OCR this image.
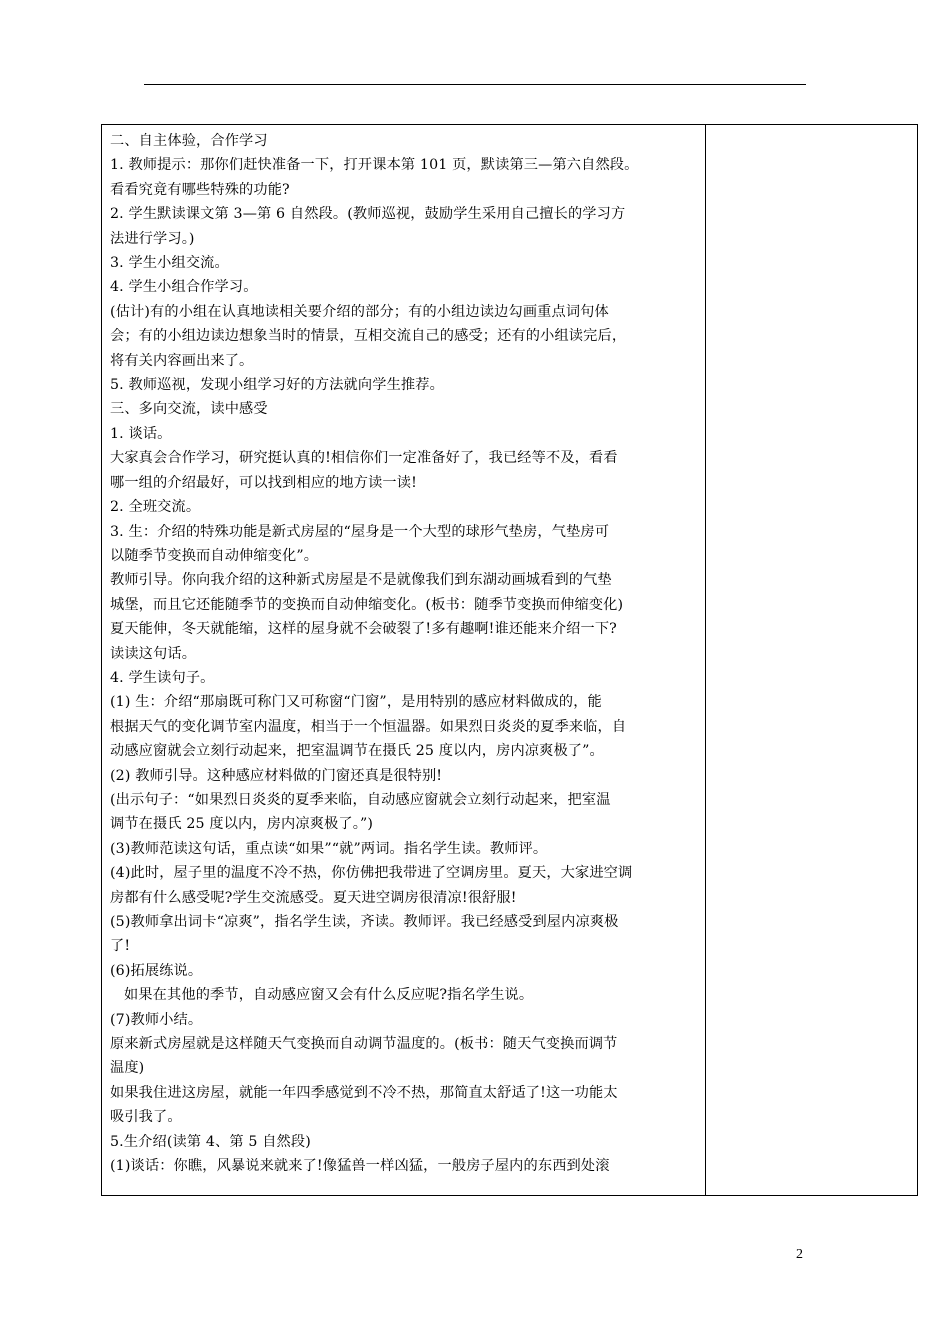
二、自主体验，合作学习

1. 教师提示：那你们赶快准备一下，打开课本第 101 页，默读第三—第六自然段。

看看究竟有哪些特殊的功能?

2. 学生默读课文第 3—第 6 自然段。(教师巡视，鼓励学生采用自己擅长的学习方

法进行学习。)

3. 学生小组交流。

4. 学生小组合作学习。

(估计)有的小组在认真地读相关要介绍的部分；有的小组边读边勾画重点词句体

会；有的小组边读边想象当时的情景，互相交流自己的感受；还有的小组读完后，

将有关内容画出来了。

5. 教师巡视，发现小组学习好的方法就向学生推荐。

三、多向交流，读中感受

1. 谈话。

大家真会合作学习，研究挺认真的!相信你们一定准备好了，我已经等不及，看看

哪一组的介绍最好，可以找到相应的地方读一读!

2. 全班交流。

3. 生：介绍的特殊功能是新式房屋的“屋身是一个大型的球形气垫房，气垫房可

以随季节变换而自动伸缩变化”。

教师引导。你向我介绍的这种新式房屋是不是就像我们到东湖动画城看到的气垫

城堡，而且它还能随季节的变换而自动伸缩变化。(板书：随季节变换而伸缩变化)

夏天能伸，冬天就能缩，这样的屋身就不会破裂了!多有趣啊!谁还能来介绍一下?

读读这句话。

4. 学生读句子。

(1) 生：介绍“那扇既可称门又可称窗“门窗”，是用特别的感应材料做成的，能

根据天气的变化调节室内温度，相当于一个恒温器。如果烈日炎炎的夏季来临，自

动感应窗就会立刻行动起来，把室温调节在摄氏 25 度以内，房内凉爽极了”。

(2) 教师引导。这种感应材料做的门窗还真是很特别!

(出示句子：“如果烈日炎炎的夏季来临，自动感应窗就会立刻行动起来，把室温

调节在摄氏 25 度以内，房内凉爽极了。”)

(3)教师范读这句话，重点读“如果”“就”两词。指名学生读。教师评。

(4)此时，屋子里的温度不冷不热，你仿佛把我带进了空调房里。夏天，大家进空调

房都有什么感受呢?学生交流感受。夏天进空调房很清凉!很舒服!

(5)教师拿出词卡“凉爽”，指名学生读，齐读。教师评。我已经感受到屋内凉爽极

了!

(6)拓展练说。

如果在其他的季节，自动感应窗又会有什么反应呢?指名学生说。

(7)教师小结。

原来新式房屋就是这样随天气变换而自动调节温度的。(板书：随天气变换而调节

温度)

如果我住进这房屋，就能一年四季感觉到不冷不热，那简直太舒适了!这一功能太

吸引我了。

5.生介绍(读第 4、第 5 自然段)

(1)谈话：你瞧，风暴说来就来了!像猛兽一样凶猛，一般房子屋内的东西到处滚

2
